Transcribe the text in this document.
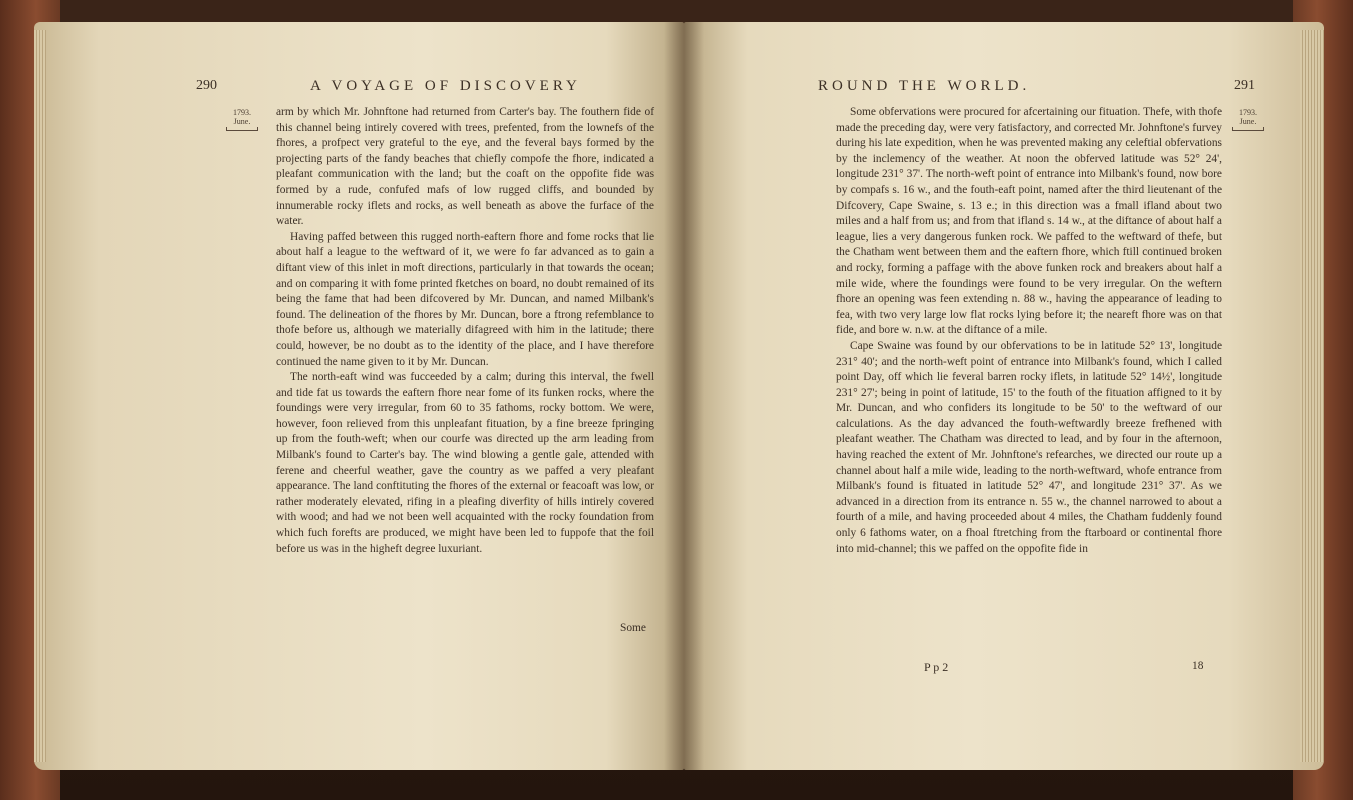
290	A VOYAGE OF DISCOVERY
1793.
June.

arm by which Mr. Johnftone had returned from Carter's bay. The fouthern fide of this channel being intirely covered with trees, prefented, from the lownefs of the fhores, a profpect very grateful to the eye, and the feveral bays formed by the projecting parts of the fandy beaches that chiefly compofe the fhore, indicated a pleafant communication with the land; but the coaft on the oppofite fide was formed by a rude, confufed mafs of low rugged cliffs, and bounded by innumerable rocky iflets and rocks, as well beneath as above the furface of the water.

Having paffed between this rugged north-eaftern fhore and fome rocks that lie about half a league to the weftward of it, we were fo far advanced as to gain a diftant view of this inlet in moft directions, particularly in that towards the ocean; and on comparing it with fome printed fketches on board, no doubt remained of its being the fame that had been difcovered by Mr. Duncan, and named Milbank's found. The delineation of the fhores by Mr. Duncan, bore a ftrong refemblance to thofe before us, although we materially difagreed with him in the latitude; there could, however, be no doubt as to the identity of the place, and I have therefore continued the name given to it by Mr. Duncan.

The north-eaft wind was fucceeded by a calm; during this interval, the fwell and tide fat us towards the eaftern fhore near fome of its funken rocks, where the foundings were very irregular, from 60 to 35 fathoms, rocky bottom. We were, however, foon relieved from this unpleafant fituation, by a fine breeze fpringing up from the fouth-weft; when our courfe was directed up the arm leading from Milbank's found to Carter's bay. The wind blowing a gentle gale, attended with ferene and cheerful weather, gave the country as we paffed a very pleafant appearance. The land conftituting the fhores of the external or feacoaft was low, or rather moderately elevated, rifing in a pleafing diverfity of hills intirely covered with wood; and had we not been well acquainted with the rocky foundation from which fuch forefts are produced, we might have been led to fuppofe that the foil before us was in the higheft degree luxuriant.

Some
ROUND THE WORLD.	291
1793.
June.

Some obfervations were procured for afcertaining our fituation. Thefe, with thofe made the preceding day, were very fatisfactory, and corrected Mr. Johnftone's furvey during his late expedition, when he was prevented making any celeftial obfervations by the inclemency of the weather. At noon the obferved latitude was 52° 24', longitude 231° 37'. The north-weft point of entrance into Milbank's found, now bore by compafs s. 16 w., and the fouth-eaft point, named after the third lieutenant of the Difcovery, Cape Swaine, s. 13 e.; in this direction was a fmall ifland about two miles and a half from us; and from that ifland s. 14 w., at the diftance of about half a league, lies a very dangerous funken rock. We paffed to the weftward of thefe, but the Chatham went between them and the eaftern fhore, which ftill continued broken and rocky, forming a paffage with the above funken rock and breakers about half a mile wide, where the foundings were found to be very irregular. On the weftern fhore an opening was feen extending n. 88 w., having the appearance of leading to fea, with two very large low flat rocks lying before it; the neareft fhore was on that fide, and bore w. n.w. at the diftance of a mile.

Cape Swaine was found by our obfervations to be in latitude 52° 13', longitude 231° 40'; and the north-weft point of entrance into Milbank's found, which I called point Day, off which lie feveral barren rocky iflets, in latitude 52° 14½', longitude 231° 27'; being in point of latitude, 15' to the fouth of the fituation affigned to it by Mr. Duncan, and who confiders its longitude to be 50' to the weftward of our calculations. As the day advanced the fouth-weftwardly breeze frefhened with pleafant weather. The Chatham was directed to lead, and by four in the afternoon, having reached the extent of Mr. Johnftone's refearches, we directed our route up a channel about half a mile wide, leading to the north-weftward, whofe entrance from Milbank's found is fituated in latitude 52° 47', and longitude 231° 37'. As we advanced in a direction from its entrance n. 55 w., the channel narrowed to about a fourth of a mile, and having proceeded about 4 miles, the Chatham fuddenly found only 6 fathoms water, on a fhoal ftretching from the ftarboard or continental fhore into mid-channel; this we paffed on the oppofite fide in

P p 2	18
